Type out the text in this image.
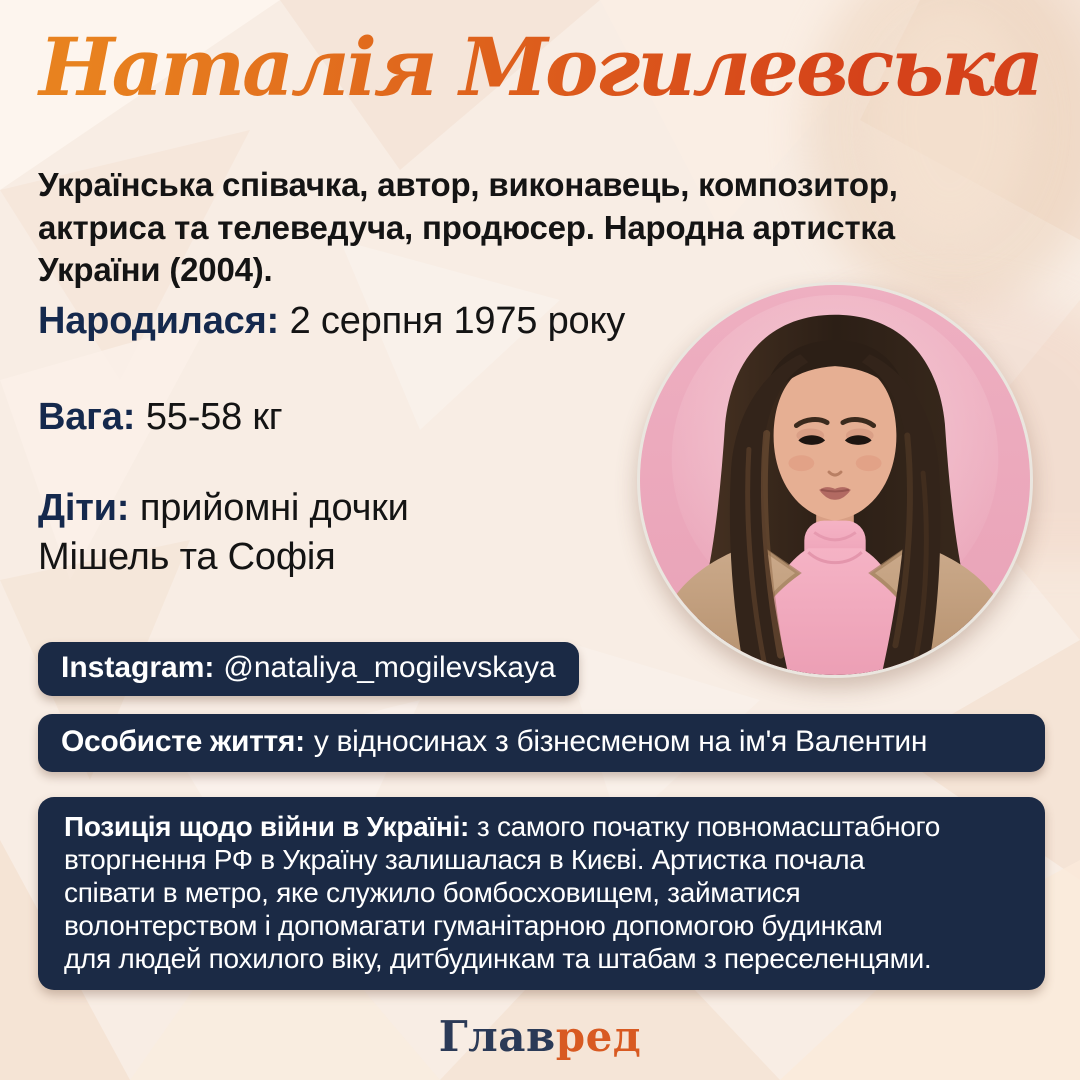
Наталія Могилевська

Українська співачка, автор, виконавець, композитор, актриса та телеведуча, продюсер. Народна артистка України (2004).

Народилася: 2 серпня 1975 року
Вага: 55-58 кг
Діти: прийомні дочки Мішель та Софія
Instagram: @nataliya_mogilevskaya
Особисте життя: у відносинах з бізнесменом на ім'я Валентин
Позиція щодо війни в Україні: з самого початку повномасштабного
вторгнення РФ в Україну залишалася в Києві. Артистка почала
співати в метро, яке служило бомбосховищем, займатися
волонтерством і допомагати гуманітарною допомогою будинкам
для людей похилого віку, дитбудинкам та штабам з переселенцями.
Главред
